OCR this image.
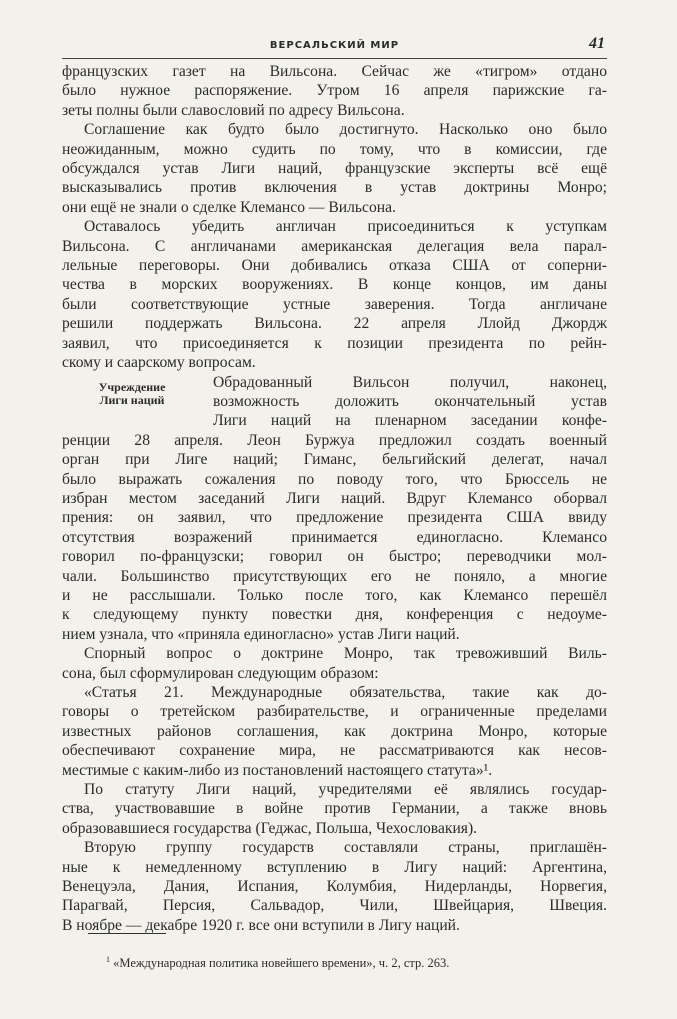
ВЕРСАЛЬСКИЙ МИР	41
французских газет на Вильсона. Сейчас же «тигром» отдано
было нужное распоряжение. Утром 16 апреля парижские га-
зеты полны были славословий по адресу Вильсона.
Соглашение как будто было достигнуто. Насколько оно было
неожиданным, можно судить по тому, что в комиссии, где
обсуждался устав Лиги наций, французские эксперты всё ещё
высказывались против включения в устав доктрины Монро;
они ещё не знали о сделке Клемансо — Вильсона.
Оставалось убедить англичан присоединиться к уступкам
Вильсона. С англичанами американская делегация вела парал-
лельные переговоры. Они добивались отказа США от соперни-
чества в морских вооружениях. В конце концов, им даны
были соответствующие устные заверения. Тогда англичане
решили поддержать Вильсона. 22 апреля Ллойд Джордж
заявил, что присоединяется к позиции президента по рейн-
скому и саарскому вопросам.
Учреждение
Лиги наций
Обрадованный Вильсон получил, наконец,
возможность доложить окончательный устав
Лиги наций на пленарном заседании конфе-
ренции 28 апреля. Леон Буржуа предложил создать военный
орган при Лиге наций; Гиманс, бельгийский делегат, начал
было выражать сожаления по поводу того, что Брюссель не
избран местом заседаний Лиги наций. Вдруг Клемансо оборвал
прения: он заявил, что предложение президента США ввиду
отсутствия возражений принимается единогласно. Клемансо
говорил по-французски; говорил он быстро; переводчики мол-
чали. Большинство присутствующих его не поняло, а многие
и не расслышали. Только после того, как Клемансо перешёл
к следующему пункту повестки дня, конференция с недоуме-
нием узнала, что «приняла единогласно» устав Лиги наций.
Спорный вопрос о доктрине Монро, так тревоживший Виль-
сона, был сформулирован следующим образом:
«Статья 21. Международные обязательства, такие как до-
говоры о третейском разбирательстве, и ограниченные пределами
известных районов соглашения, как доктрина Монро, которые
обеспечивают сохранение мира, не рассматриваются как несов-
местимые с каким-либо из постановлений настоящего статута»¹.
По статуту Лиги наций, учредителями её являлись государ-
ства, участвовавшие в войне против Германии, а также вновь
образовавшиеся государства (Геджас, Польша, Чехословакия).
Вторую группу государств составляли страны, приглашён-
ные к немедленному вступлению в Лигу наций: Аргентина,
Венецуэла, Дания, Испания, Колумбия, Нидерланды, Норвегия,
Парагвай, Персия, Сальвадор, Чили, Швейцария, Швеция.
В ноябре — декабре 1920 г. все они вступили в Лигу наций.
$^1$ «Международная политика новейшего времени», ч. 2, стр. 263.
